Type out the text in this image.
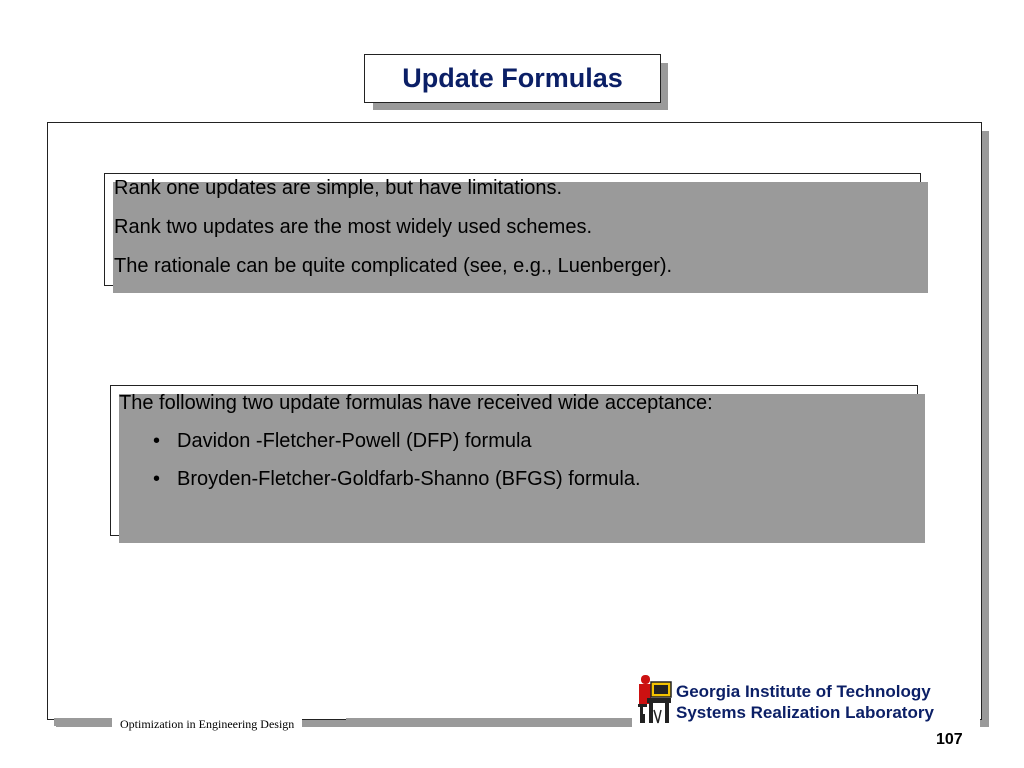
Update Formulas

Rank one updates are simple, but have limitations.

Rank two updates are the most widely used schemes.

The rationale can be quite complicated (see, e.g., Luenberger).

The following two update formulas have received wide acceptance:

• Davidon -Fletcher-Powell (DFP) formula

• Broyden-Fletcher-Goldfarb-Shanno (BFGS) formula.

Optimization in Engineering Design
Georgia Institute of Technology
Systems Realization Laboratory
107
